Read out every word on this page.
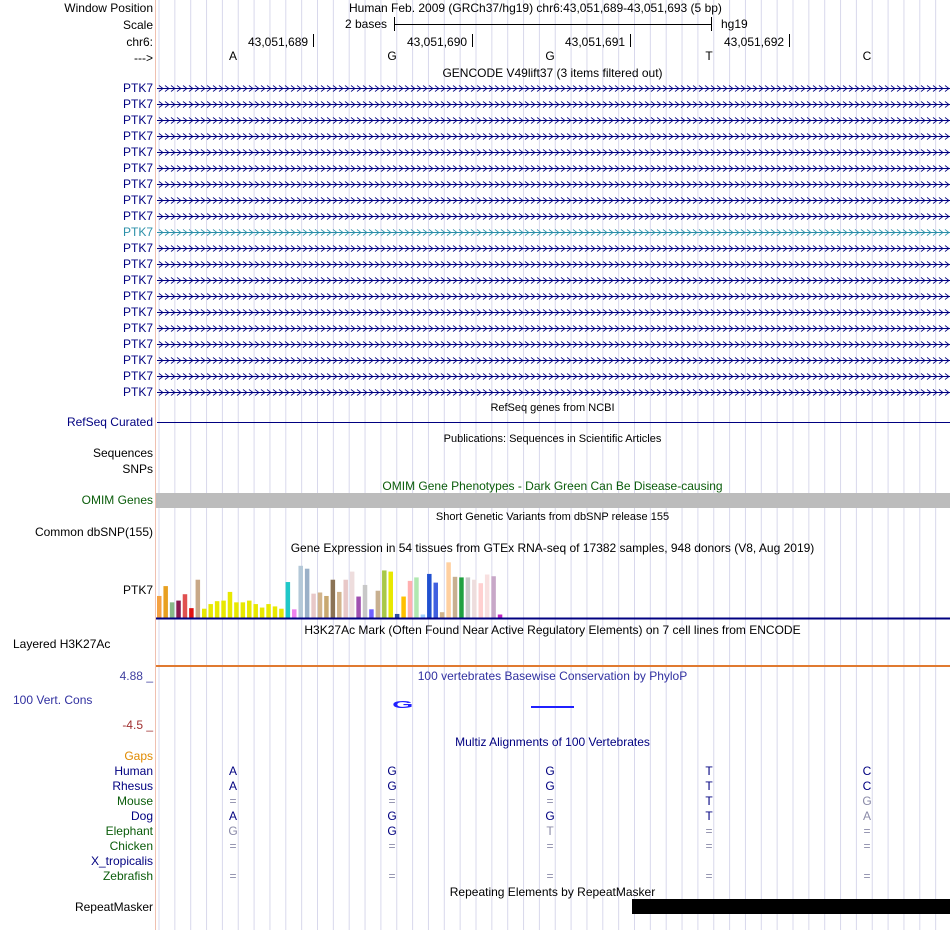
Window Position	Human Feb. 2009 (GRCh37/hg19) chr6:43,051,689-43,051,693 (5 bp)
Scale	2 bases	hg19
chr6:	43,051,689	43,051,690	43,051,691	43,051,692
--->	A	G	G	T	C
GENCODE V49lift37 (3 items filtered out)
PTK7
PTK7
PTK7
PTK7
PTK7
PTK7
PTK7
PTK7
PTK7
PTK7
PTK7
PTK7
PTK7
PTK7
PTK7
PTK7
PTK7
PTK7
PTK7
PTK7
RefSeq genes from NCBI
RefSeq Curated
Publications: Sequences in Scientific Articles
Sequences
SNPs
OMIM Gene Phenotypes - Dark Green Can Be Disease-causing
OMIM Genes
Short Genetic Variants from dbSNP release 155
Common dbSNP(155)
Gene Expression in 54 tissues from GTEx RNA-seq of 17382 samples, 948 donors (V8, Aug 2019)
PTK7
H3K27Ac Mark (Often Found Near Active Regulatory Elements) on 7 cell lines from ENCODE
Layered H3K27Ac
4.88 _	100 vertebrates Basewise Conservation by PhyloP
100 Vert. Cons
-4.5 _
G
Multiz Alignments of 100 Vertebrates
Gaps
Human	A	G	G	T	C
Rhesus	A	G	G	T	C
Mouse	=	=	=	T	G
Dog	A	G	G	T	A
Elephant	G	G	T	=	=
Chicken	=	=	=	=	=
X_tropicalis
Zebrafish	=	=	=	=	=
Repeating Elements by RepeatMasker
RepeatMasker
